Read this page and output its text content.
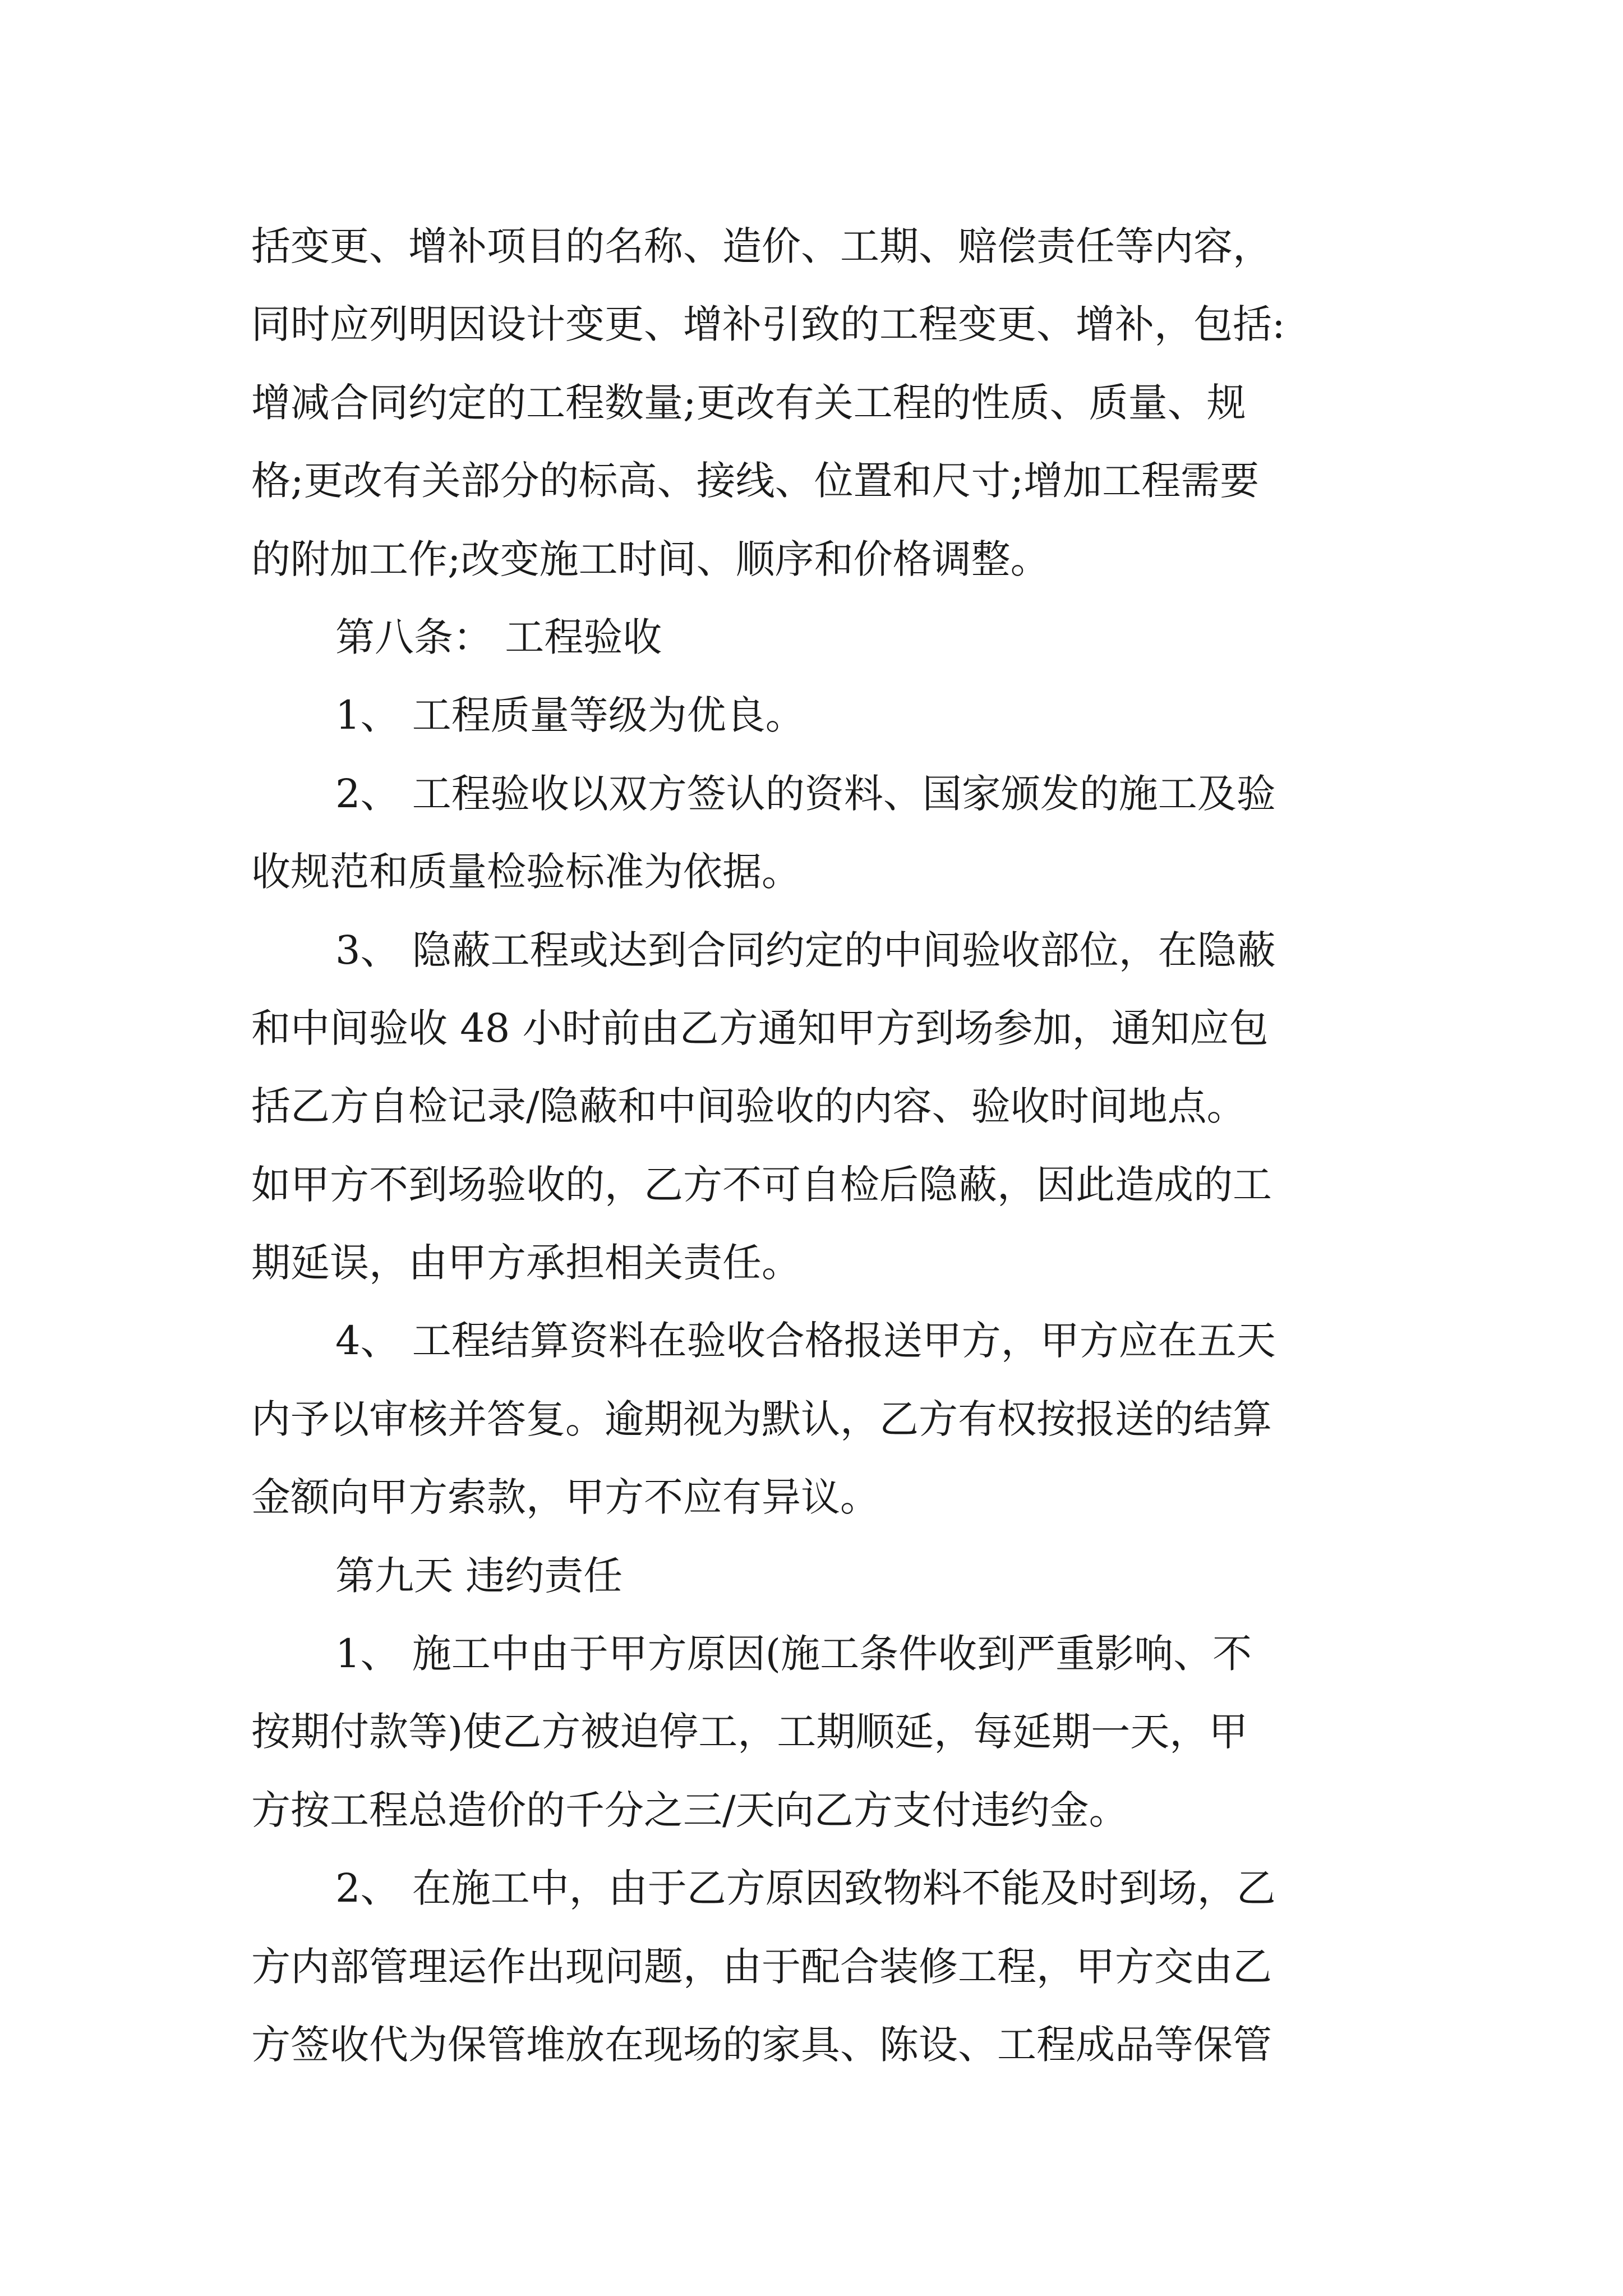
括变更、增补项目的名称、造价、工期、赔偿责任等内容，
同时应列明因设计变更、增补引致的工程变更、增补，包括:
增减合同约定的工程数量;更改有关工程的性质、质量、规
格;更改有关部分的标高、接线、位置和尺寸;增加工程需要
的附加工作;改变施工时间、顺序和价格调整。
第八条： 工程验收
1、 工程质量等级为优良。
2、 工程验收以双方签认的资料、国家颁发的施工及验
收规范和质量检验标准为依据。
3、 隐蔽工程或达到合同约定的中间验收部位，在隐蔽
和中间验收 48 小时前由乙方通知甲方到场参加，通知应包
括乙方自检记录/隐蔽和中间验收的内容、验收时间地点。
如甲方不到场验收的，乙方不可自检后隐蔽，因此造成的工
期延误，由甲方承担相关责任。
4、 工程结算资料在验收合格报送甲方，甲方应在五天
内予以审核并答复。逾期视为默认，乙方有权按报送的结算
金额向甲方索款，甲方不应有异议。
第九天 违约责任
1、 施工中由于甲方原因(施工条件收到严重影响、不
按期付款等)使乙方被迫停工，工期顺延，每延期一天，甲
方按工程总造价的千分之三/天向乙方支付违约金。
2、 在施工中，由于乙方原因致物料不能及时到场，乙
方内部管理运作出现问题，由于配合装修工程，甲方交由乙
方签收代为保管堆放在现场的家具、陈设、工程成品等保管
